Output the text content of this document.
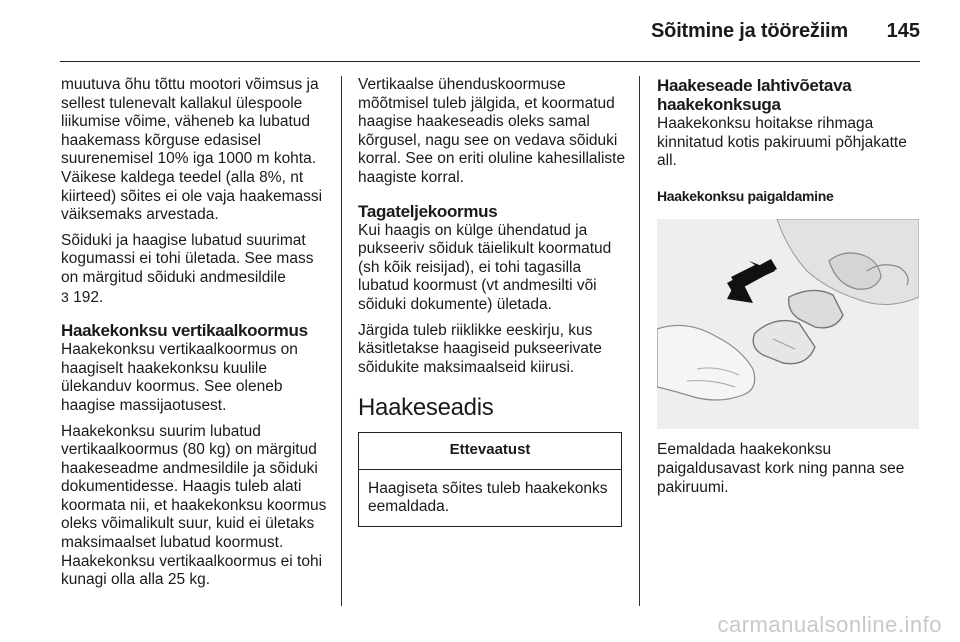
Sõitmine ja töörežiim 145

muutuva õhu tõttu mootori võimsus ja sellest tulenevalt kallakul ülespoole liikumise võime, väheneb ka lubatud haakemass kõrguse edasisel suurenemisel 10% iga 1000 m kohta. Väikese kaldega teedel (alla 8%, nt kiirteed) sõites ei ole vaja haakemassi väiksemaks arvestada.

Sõiduki ja haagise lubatud suurimat kogumassi ei tohi ületada. See mass on märgitud sõiduki andmesildile
3 192.

Haakekonksu vertikaalkoormus

Haakekonksu vertikaalkoormus on haagiselt haakekonksu kuulile ülekanduv koormus. See oleneb haagise massijaotusest.

Haakekonksu suurim lubatud vertikaalkoormus (80 kg) on märgitud haakeseadme andmesildile ja sõiduki dokumentidesse. Haagis tuleb alati koormata nii, et haakekonksu koormus oleks võimalikult suur, kuid ei ületaks maksimaalset lubatud koormust. Haakekonksu vertikaalkoormus ei tohi kunagi olla alla 25 kg.

Vertikaalse ühenduskoormuse mõõtmisel tuleb jälgida, et koormatud haagise haakeseadis oleks samal kõrgusel, nagu see on vedava sõiduki korral. See on eriti oluline kahesillaliste haagiste korral.

Tagateljekoormus

Kui haagis on külge ühendatud ja pukseeriv sõiduk täielikult koormatud (sh kõik reisijad), ei tohi tagasilla lubatud koormust (vt andmesilti või sõiduki dokumente) ületada.

Järgida tuleb riiklikke eeskirju, kus käsitletakse haagiseid pukseerivate sõidukite maksimaalseid kiirusi.

Haakeseadis
Ettevaatust
Haagiseta sõites tuleb haakekonks eemaldada.
Haakeseade lahtivõetava haakekonksuga

Haakekonksu hoitakse rihmaga kinnitatud kotis pakiruumi põhjakatte all.

Haakekonksu paigaldamine

Eemaldada haakekonksu paigaldusavast kork ning panna see pakiruumi.

carmanualsonline.info
